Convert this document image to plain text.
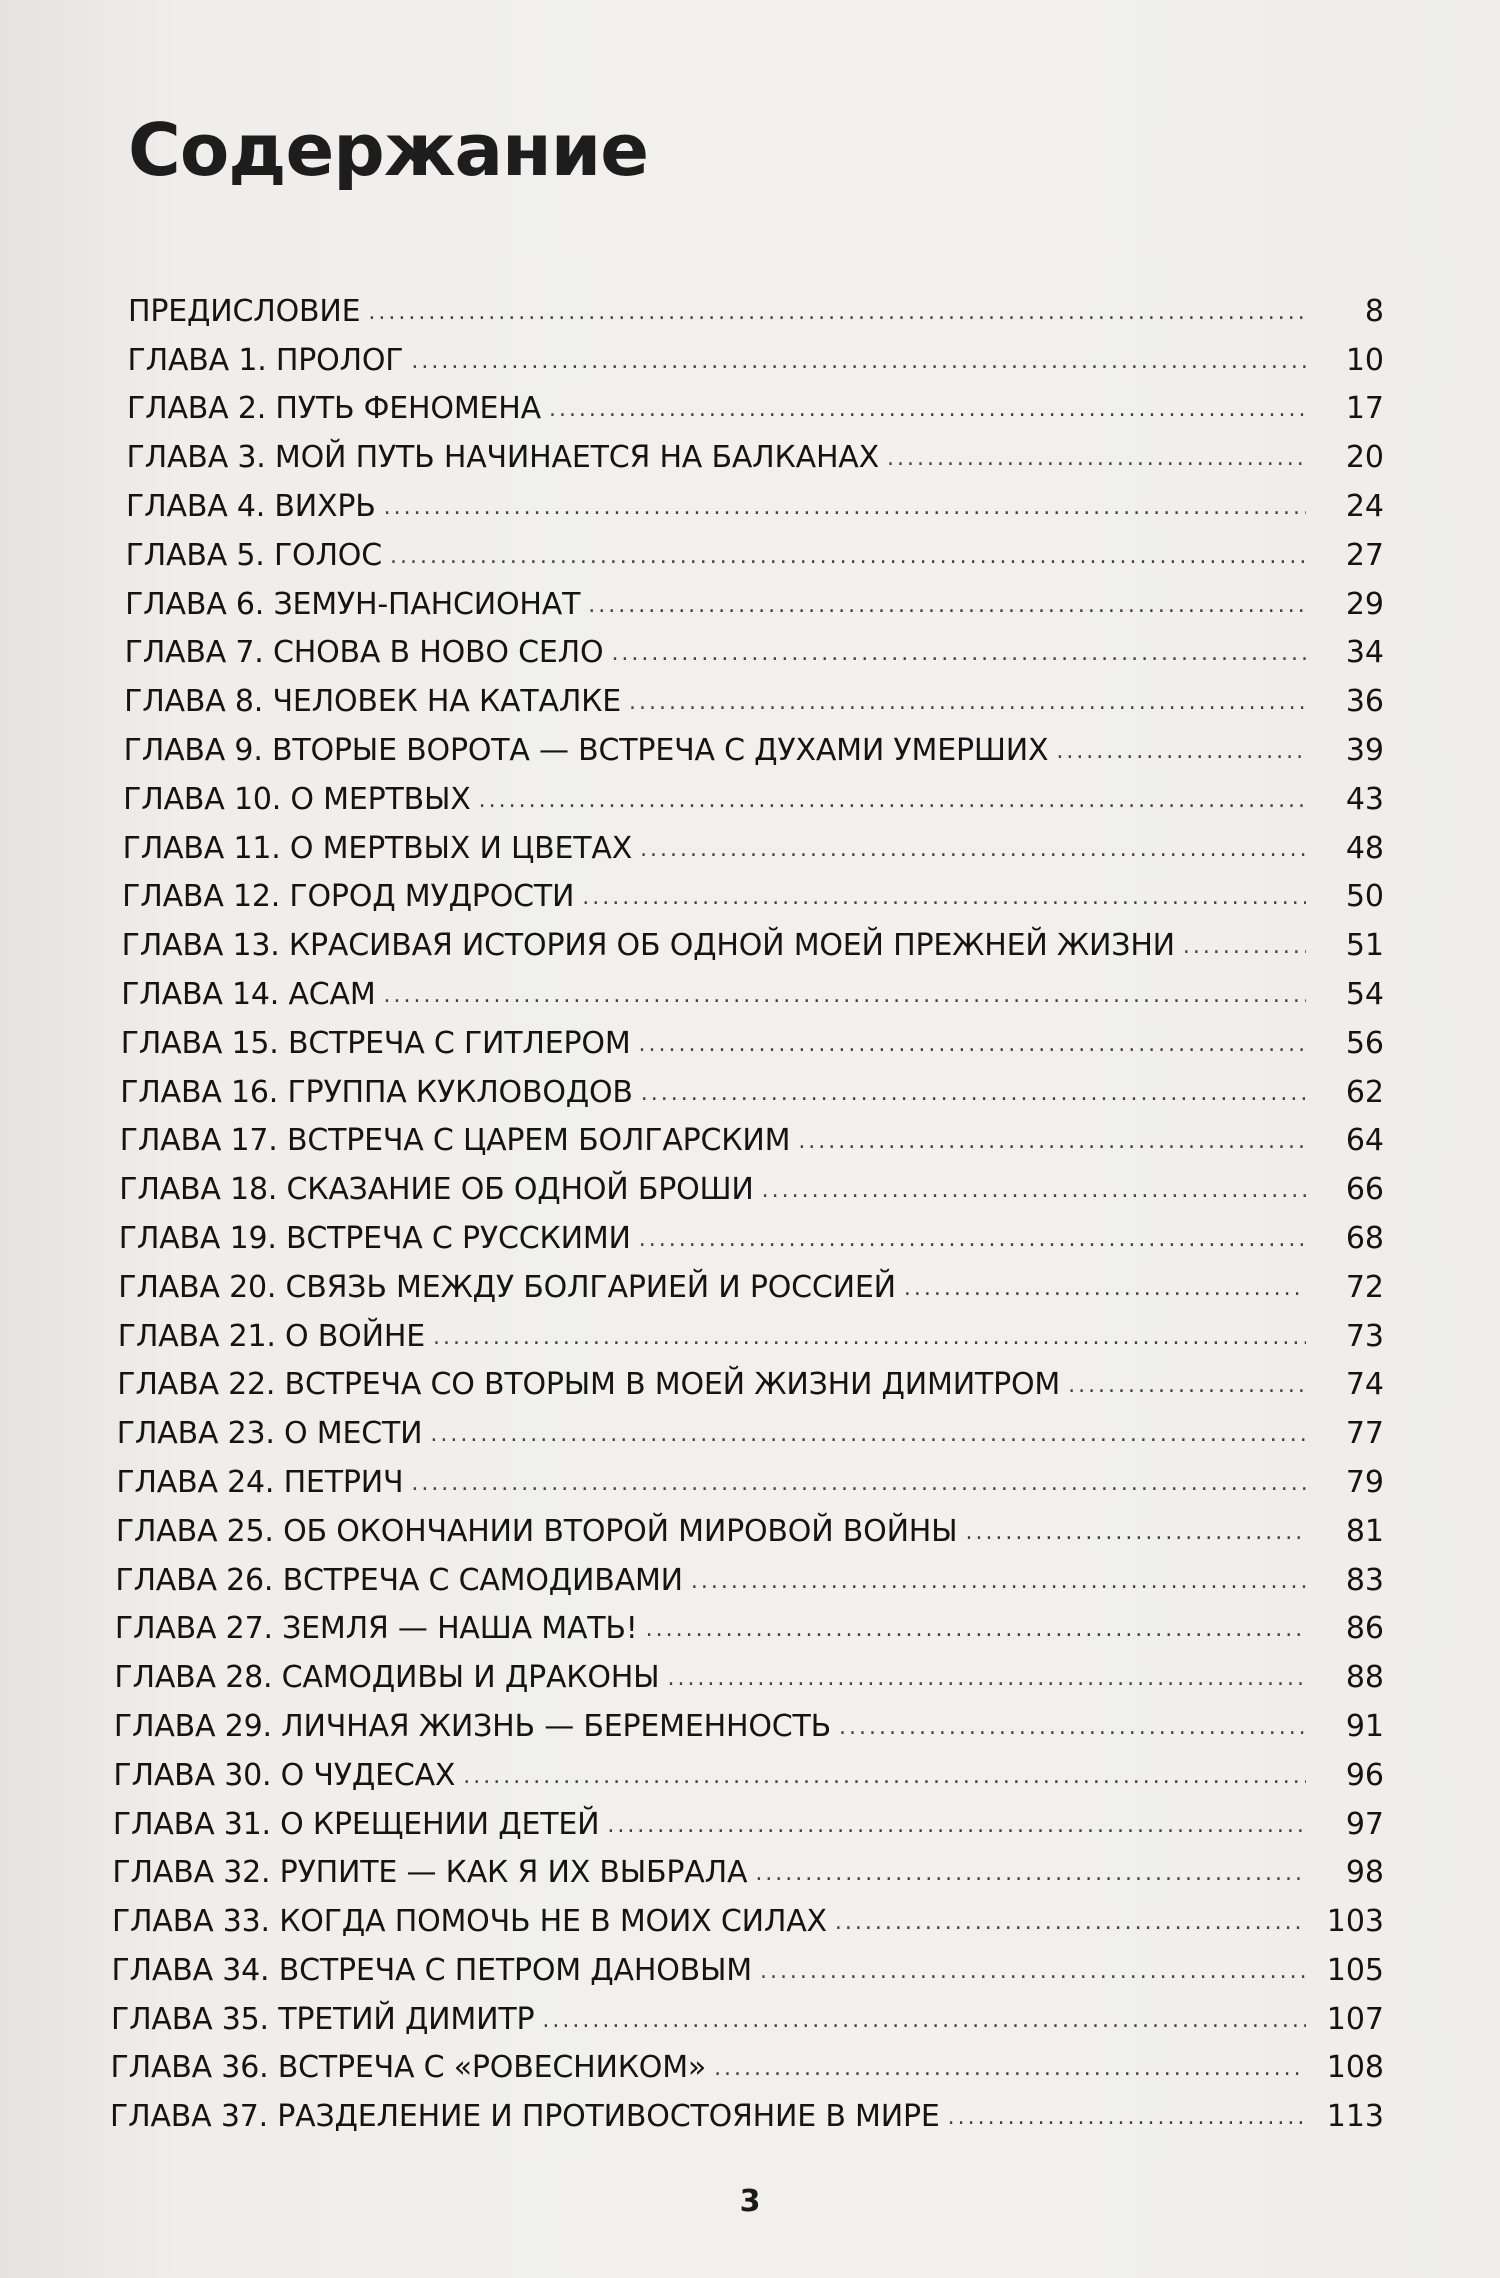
Содержание
ПРЕДИСЛОВИЕ .....	8
ГЛАВА 1. ПРОЛОГ .....	10
ГЛАВА 2. ПУТЬ ФЕНОМЕНА .....	17
ГЛАВА 3. МОЙ ПУТЬ НАЧИНАЕТСЯ НА БАЛКАНАХ .....	20
ГЛАВА 4. ВИХРЬ .....	24
ГЛАВА 5. ГОЛОС .....	27
ГЛАВА 6. ЗЕМУН-ПАНСИОНАТ .....	29
ГЛАВА 7. СНОВА В НОВО СЕЛО .....	34
ГЛАВА 8. ЧЕЛОВЕК НА КАТАЛКЕ .....	36
ГЛАВА 9. ВТОРЫЕ ВОРОТА — ВСТРЕЧА С ДУХАМИ УМЕРШИХ .....	39
ГЛАВА 10. О МЕРТВЫХ .....	43
ГЛАВА 11. О МЕРТВЫХ И ЦВЕТАХ .....	48
ГЛАВА 12. ГОРОД МУДРОСТИ .....	50
ГЛАВА 13. КРАСИВАЯ ИСТОРИЯ ОБ ОДНОЙ МОЕЙ ПРЕЖНЕЙ ЖИЗНИ .....	51
ГЛАВА 14. АСАМ .....	54
ГЛАВА 15. ВСТРЕЧА С ГИТЛЕРОМ .....	56
ГЛАВА 16. ГРУППА КУКЛОВОДОВ .....	62
ГЛАВА 17. ВСТРЕЧА С ЦАРЕМ БОЛГАРСКИМ .....	64
ГЛАВА 18. СКАЗАНИЕ ОБ ОДНОЙ БРОШИ .....	66
ГЛАВА 19. ВСТРЕЧА С РУССКИМИ .....	68
ГЛАВА 20. СВЯЗЬ МЕЖДУ БОЛГАРИЕЙ И РОССИЕЙ .....	72
ГЛАВА 21. О ВОЙНЕ .....	73
ГЛАВА 22. ВСТРЕЧА СО ВТОРЫМ В МОЕЙ ЖИЗНИ ДИМИТРОМ .....	74
ГЛАВА 23. О МЕСТИ .....	77
ГЛАВА 24. ПЕТРИЧ .....	79
ГЛАВА 25. ОБ ОКОНЧАНИИ ВТОРОЙ МИРОВОЙ ВОЙНЫ .....	81
ГЛАВА 26. ВСТРЕЧА С САМОДИВАМИ .....	83
ГЛАВА 27. ЗЕМЛЯ — НАША МАТЬ! .....	86
ГЛАВА 28. САМОДИВЫ И ДРАКОНЫ .....	88
ГЛАВА 29. ЛИЧНАЯ ЖИЗНЬ — БЕРЕМЕННОСТЬ .....	91
ГЛАВА 30. О ЧУДЕСАХ .....	96
ГЛАВА 31. О КРЕЩЕНИИ ДЕТЕЙ .....	97
ГЛАВА 32. РУПИТЕ — КАК Я ИХ ВЫБРАЛА .....	98
ГЛАВА 33. КОГДА ПОМОЧЬ НЕ В МОИХ СИЛАХ .....	103
ГЛАВА 34. ВСТРЕЧА С ПЕТРОМ ДАНОВЫМ .....	105
ГЛАВА 35. ТРЕТИЙ ДИМИТР .....	107
ГЛАВА 36. ВСТРЕЧА С «РОВЕСНИКОМ» .....	108
ГЛАВА 37. РАЗДЕЛЕНИЕ И ПРОТИВОСТОЯНИЕ В МИРЕ .....	113
3
